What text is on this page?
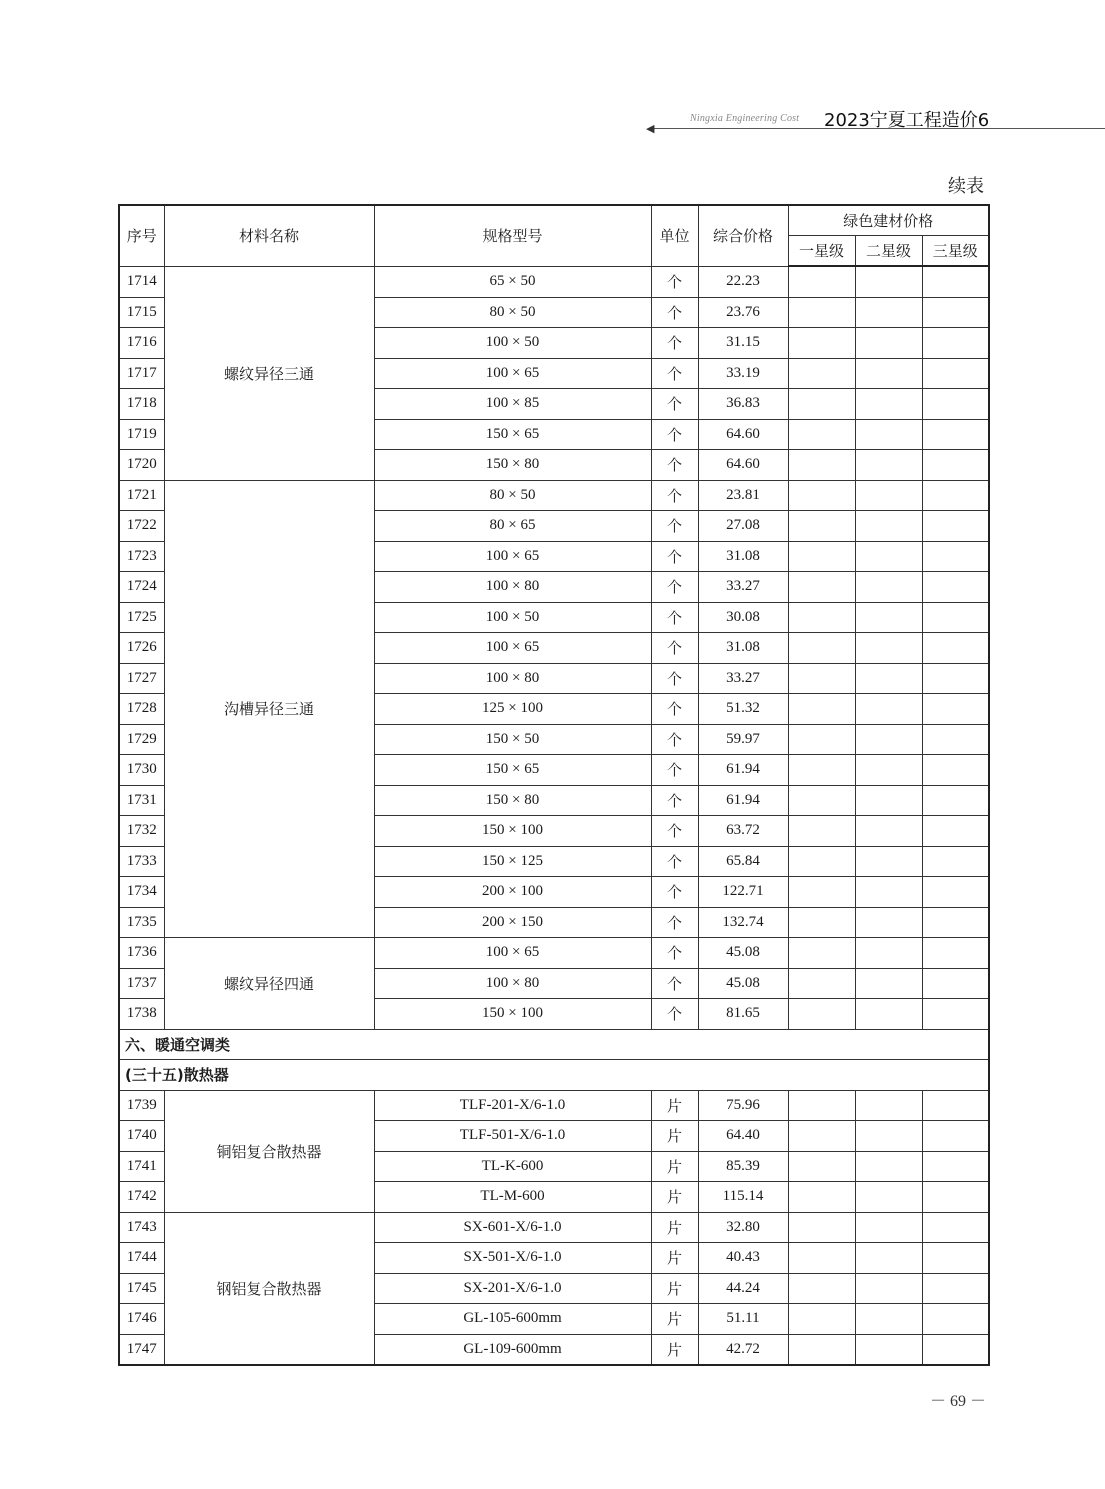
◀
Ningxia Engineering Cost 2023宁夏工程造价6
续表
序号	材料名称	规格型号	单位	综合价格	绿色建材价格		
					一星级	二星级	三星级
1714	螺纹异径三通	65 × 50	个	22.23			
1715		80 × 50	个	23.76			
1716		100 × 50	个	31.15			
1717		100 × 65	个	33.19			
1718		100 × 85	个	36.83			
1719		150 × 65	个	64.60			
1720		150 × 80	个	64.60			
1721	沟槽异径三通	80 × 50	个	23.81			
1722		80 × 65	个	27.08			
1723		100 × 65	个	31.08			
1724		100 × 80	个	33.27			
1725		100 × 50	个	30.08			
1726		100 × 65	个	31.08			
1727		100 × 80	个	33.27			
1728		125 × 100	个	51.32			
1729		150 × 50	个	59.97			
1730		150 × 65	个	61.94			
1731		150 × 80	个	61.94			
1732		150 × 100	个	63.72			
1733		150 × 125	个	65.84			
1734		200 × 100	个	122.71			
1735		200 × 150	个	132.74			
1736	螺纹异径四通	100 × 65	个	45.08			
1737		100 × 80	个	45.08			
1738		150 × 100	个	81.65			
六、暖通空调类							
(三十五)散热器							
1739	铜铝复合散热器	TLF-201-X/6-1.0	片	75.96			
1740		TLF-501-X/6-1.0	片	64.40			
1741		TL-K-600	片	85.39			
1742		TL-M-600	片	115.14			
1743	钢铝复合散热器	SX-601-X/6-1.0	片	32.80			
1744		SX-501-X/6-1.0	片	40.43			
1745		SX-201-X/6-1.0	片	44.24			
1746		GL-105-600mm	片	51.11			
1747		GL-109-600mm	片	42.72			
－ 69 －
